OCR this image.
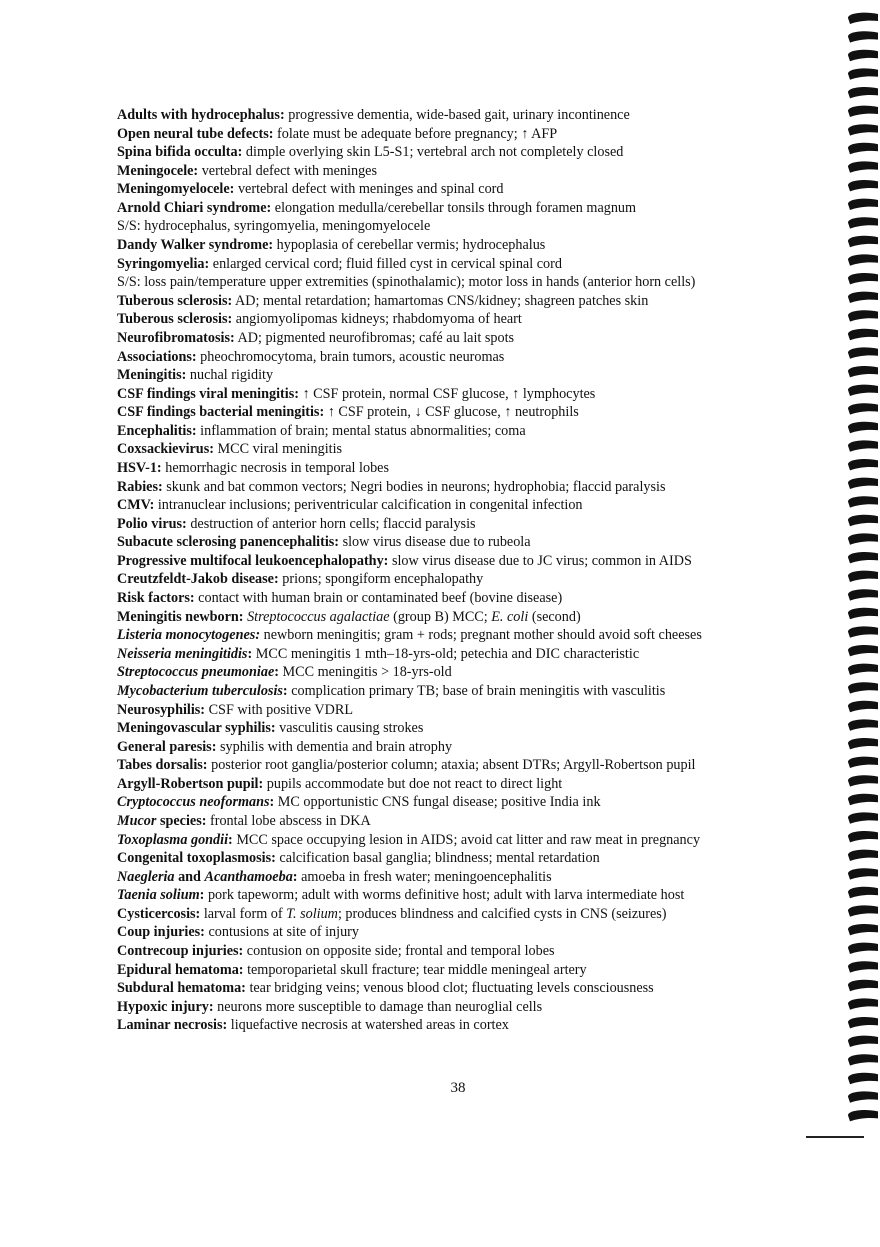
Adults with hydrocephalus: progressive dementia, wide-based gait, urinary incontinence
Open neural tube defects: folate must be adequate before pregnancy; ↑ AFP
Spina bifida occulta: dimple overlying skin L5-S1; vertebral arch not completely closed
Meningocele: vertebral defect with meninges
Meningomyelocele: vertebral defect with meninges and spinal cord
Arnold Chiari syndrome: elongation medulla/cerebellar tonsils through foramen magnum
S/S: hydrocephalus, syringomyelia, meningomyelocele
Dandy Walker syndrome: hypoplasia of cerebellar vermis; hydrocephalus
Syringomyelia: enlarged cervical cord; fluid filled cyst in cervical spinal cord
S/S: loss pain/temperature upper extremities (spinothalamic); motor loss in hands (anterior horn cells)
Tuberous sclerosis: AD; mental retardation; hamartomas CNS/kidney; shagreen patches skin
Tuberous sclerosis: angiomyolipomas kidneys; rhabdomyoma of heart
Neurofibromatosis: AD; pigmented neurofibromas; café au lait spots
Associations: pheochromocytoma, brain tumors, acoustic neuromas
Meningitis: nuchal rigidity
CSF findings viral meningitis: ↑ CSF protein, normal CSF glucose, ↑ lymphocytes
CSF findings bacterial meningitis: ↑ CSF protein, ↓ CSF glucose, ↑ neutrophils
Encephalitis: inflammation of brain; mental status abnormalities; coma
Coxsackievirus: MCC viral meningitis
HSV-1: hemorrhagic necrosis in temporal lobes
Rabies: skunk and bat common vectors; Negri bodies in neurons; hydrophobia; flaccid paralysis
CMV: intranuclear inclusions; periventricular calcification in congenital infection
Polio virus: destruction of anterior horn cells; flaccid paralysis
Subacute sclerosing panencephalitis: slow virus disease due to rubeola
Progressive multifocal leukoencephalopathy: slow virus disease due to JC virus; common in AIDS
Creutzfeldt-Jakob disease: prions; spongiform encephalopathy
Risk factors: contact with human brain or contaminated beef (bovine disease)
Meningitis newborn: Streptococcus agalactiae (group B) MCC; E. coli (second)
Listeria monocytogenes: newborn meningitis; gram + rods; pregnant mother should avoid soft cheeses
Neisseria meningitidis: MCC meningitis 1 mth–18-yrs-old; petechia and DIC characteristic
Streptococcus pneumoniae: MCC meningitis > 18-yrs-old
Mycobacterium tuberculosis: complication primary TB; base of brain meningitis with vasculitis
Neurosyphilis: CSF with positive VDRL
Meningovascular syphilis: vasculitis causing strokes
General paresis: syphilis with dementia and brain atrophy
Tabes dorsalis: posterior root ganglia/posterior column; ataxia; absent DTRs; Argyll-Robertson pupil
Argyll-Robertson pupil: pupils accommodate but doe not react to direct light
Cryptococcus neoformans: MC opportunistic CNS fungal disease; positive India ink
Mucor species: frontal lobe abscess in DKA
Toxoplasma gondii: MCC space occupying lesion in AIDS; avoid cat litter and raw meat in pregnancy
Congenital toxoplasmosis: calcification basal ganglia; blindness; mental retardation
Naegleria and Acanthamoeba: amoeba in fresh water; meningoencephalitis
Taenia solium: pork tapeworm; adult with worms definitive host; adult with larva intermediate host
Cysticercosis: larval form of T. solium; produces blindness and calcified cysts in CNS (seizures)
Coup injuries: contusions at site of injury
Contrecoup injuries: contusion on opposite side; frontal and temporal lobes
Epidural hematoma: temporoparietal skull fracture; tear middle meningeal artery
Subdural hematoma: tear bridging veins; venous blood clot; fluctuating levels consciousness
Hypoxic injury: neurons more susceptible to damage than neuroglial cells
Laminar necrosis: liquefactive necrosis at watershed areas in cortex
38
